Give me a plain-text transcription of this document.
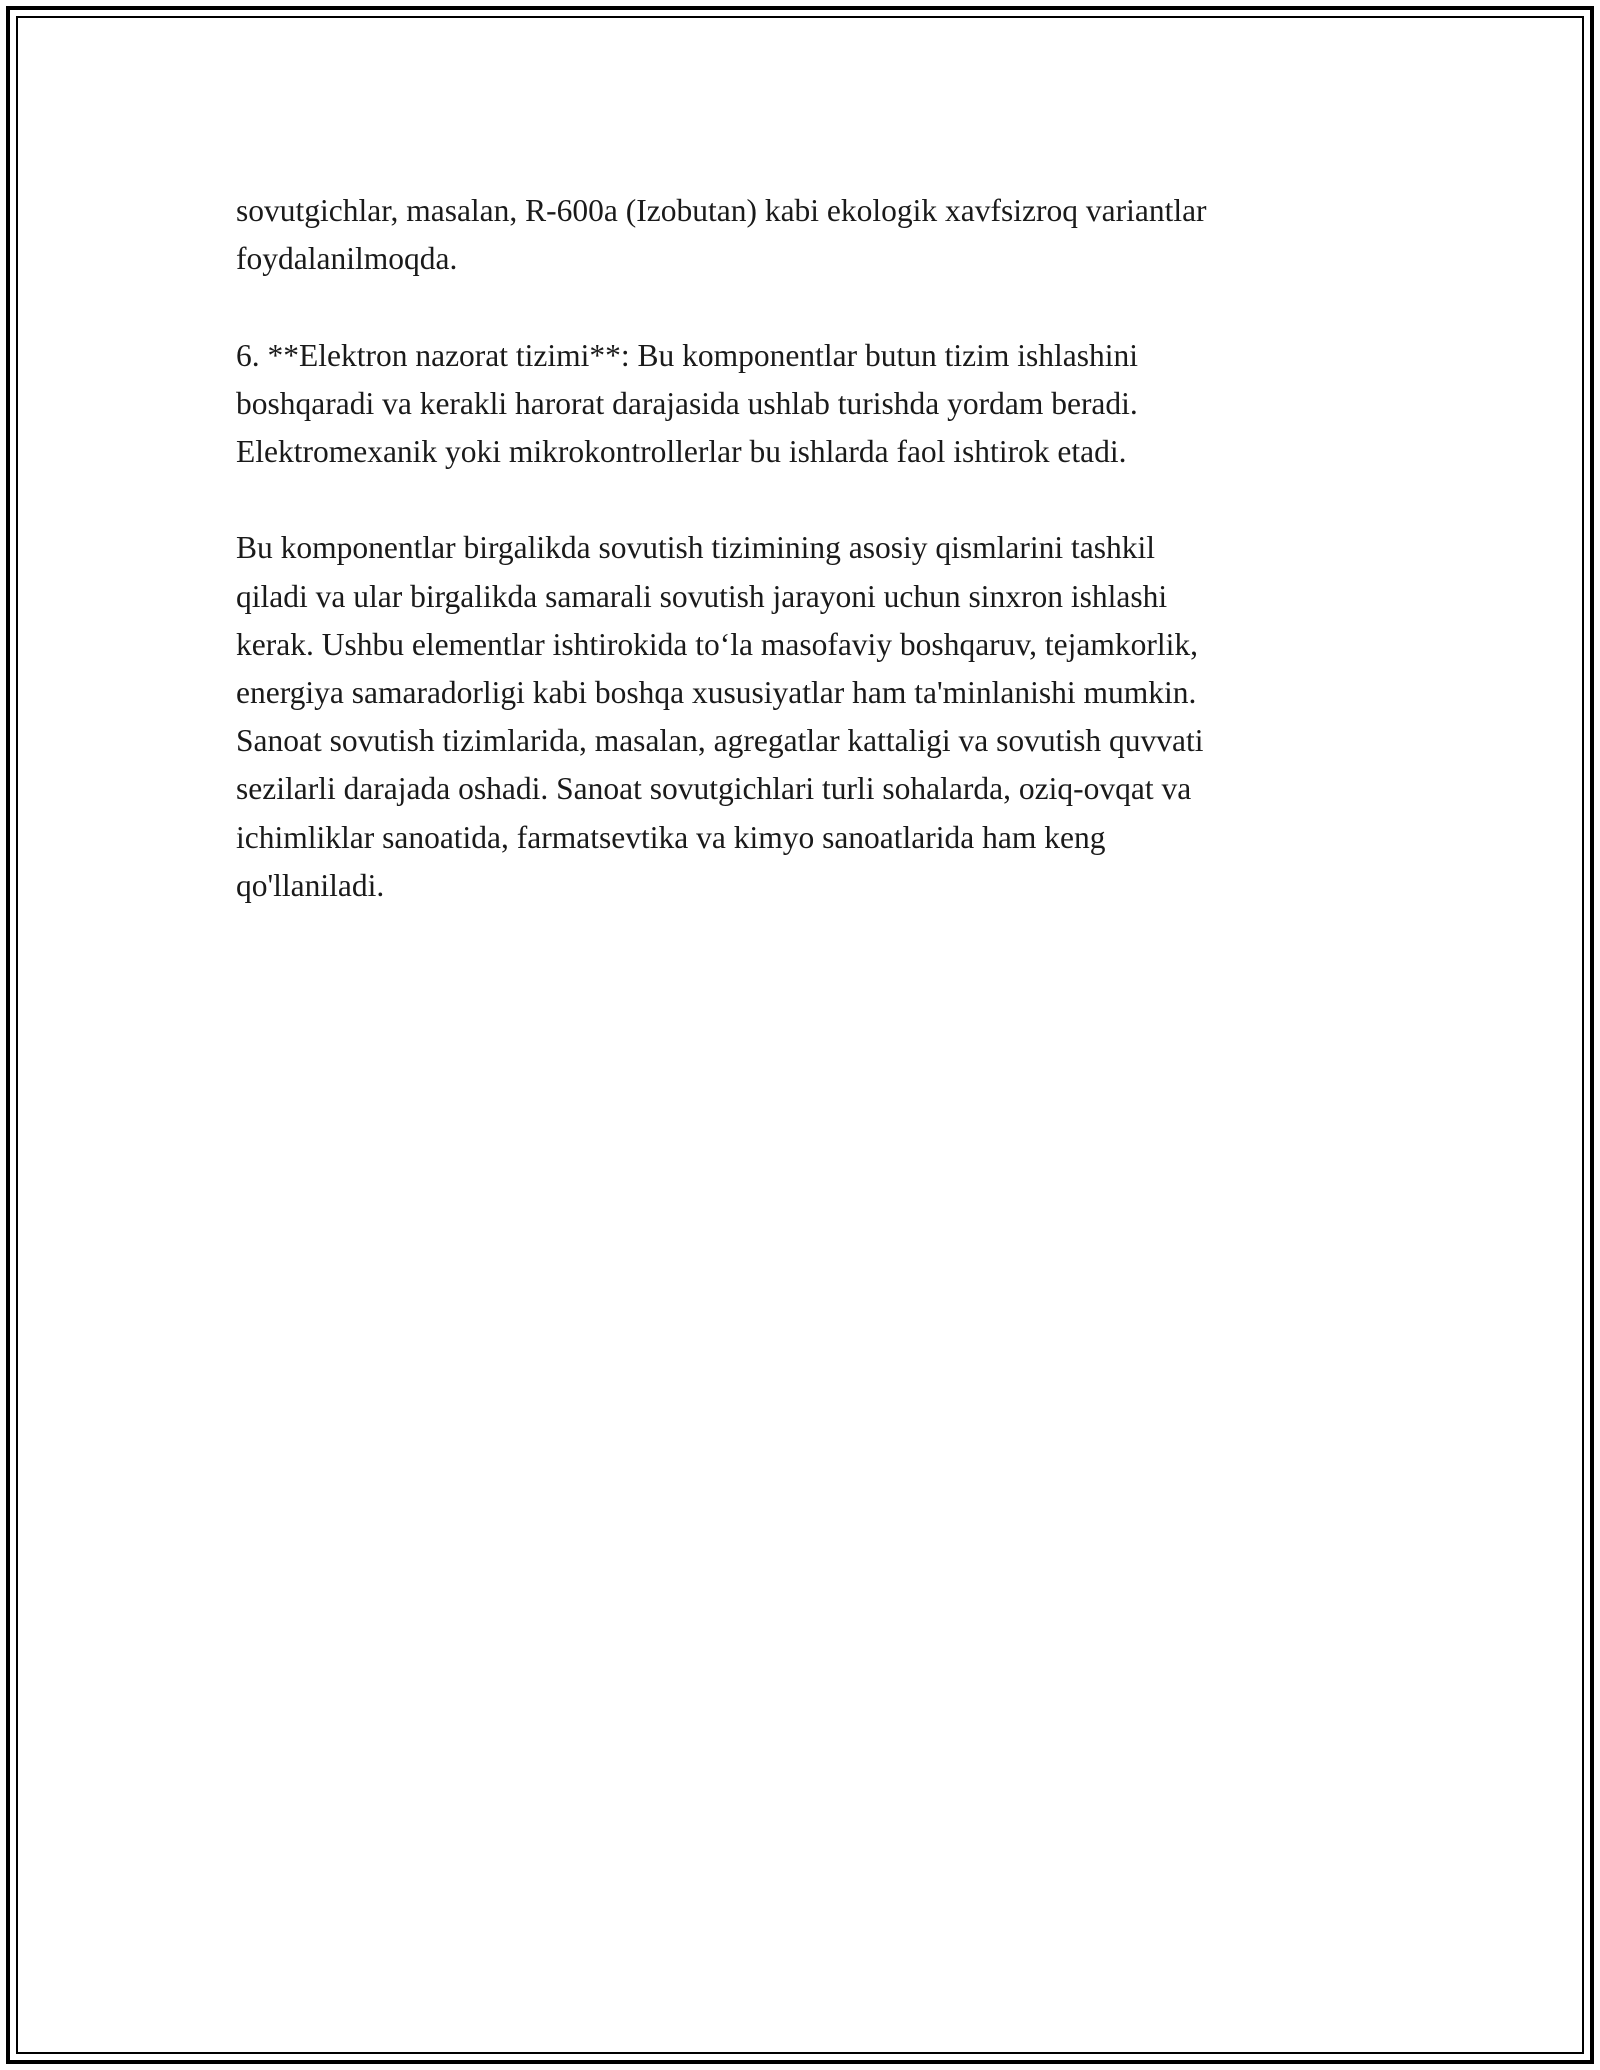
sovutgichlar, masalan, R-600a (Izobutan) kabi ekologik xavfsizroq variantlar
foydalanilmoqda.

6. **Elektron nazorat tizimi**: Bu komponentlar butun tizim ishlashini
boshqaradi va kerakli harorat darajasida ushlab turishda yordam beradi.
Elektromexanik yoki mikrokontrollerlar bu ishlarda faol ishtirok etadi.

Bu komponentlar birgalikda sovutish tizimining asosiy qismlarini tashkil
qiladi va ular birgalikda samarali sovutish jarayoni uchun sinxron ishlashi
kerak. Ushbu elementlar ishtirokida to‘la masofaviy boshqaruv, tejamkorlik,
energiya samaradorligi kabi boshqa xususiyatlar ham ta'minlanishi mumkin.
Sanoat sovutish tizimlarida, masalan, agregatlar kattaligi va sovutish quvvati
sezilarli darajada oshadi. Sanoat sovutgichlari turli sohalarda, oziq-ovqat va
ichimliklar sanoatida, farmatsevtika va kimyo sanoatlarida ham keng
qo'llaniladi.
